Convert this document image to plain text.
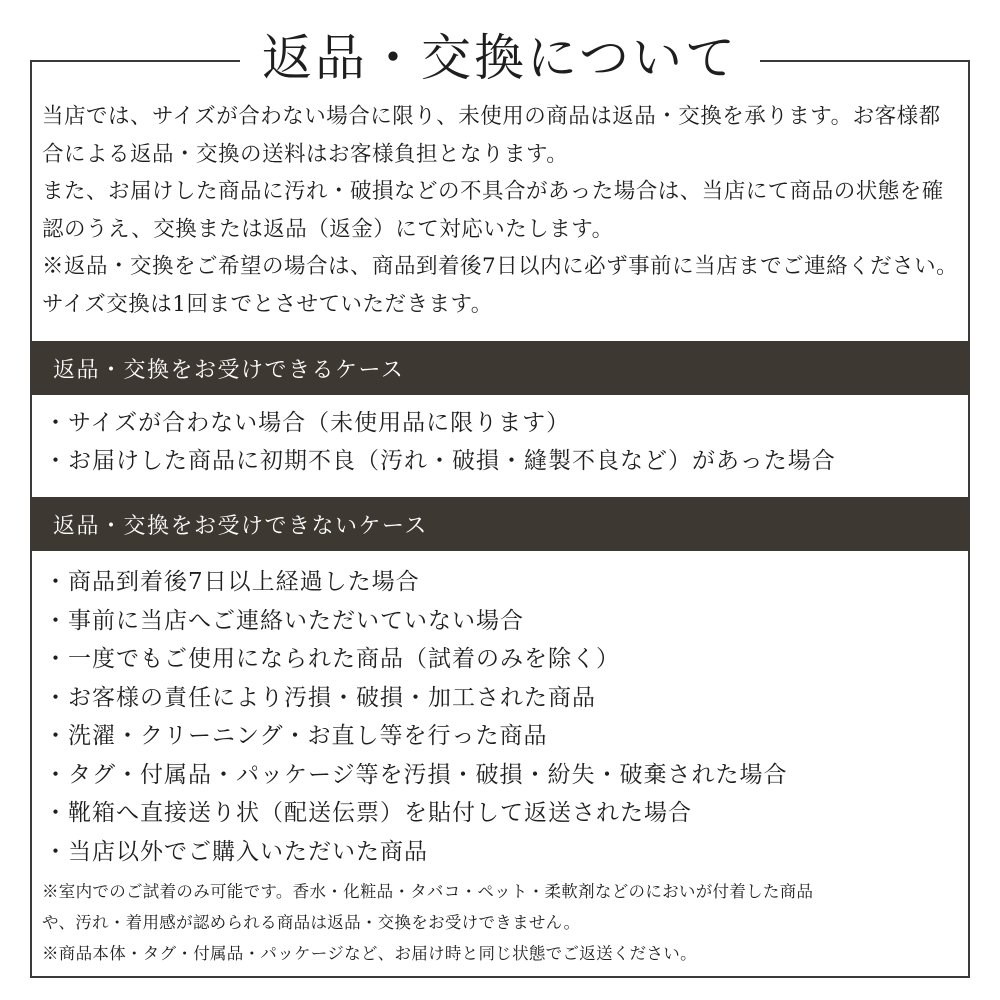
返品・交換について

当店では、サイズが合わない場合に限り、未使用の商品は返品・交換を承ります。お客様都合による返品・交換の送料はお客様負担となります。

また、お届けした商品に汚れ・破損などの不具合があった場合は、当店にて商品の状態を確認のうえ、交換または返品（返金）にて対応いたします。

※返品・交換をご希望の場合は、商品到着後7日以内に必ず事前に当店までご連絡ください。サイズ交換は1回までとさせていただきます。

返品・交換をお受けできるケース
・サイズが合わない場合（未使用品に限ります）
・お届けした商品に初期不良（汚れ・破損・縫製不良など）があった場合
返品・交換をお受けできないケース
・商品到着後7日以上経過した場合
・事前に当店へご連絡いただいていない場合
・一度でもご使用になられた商品（試着のみを除く）
・お客様の責任により汚損・破損・加工された商品
・洗濯・クリーニング・お直し等を行った商品
・タグ・付属品・パッケージ等を汚損・破損・紛失・破棄された場合
・靴箱へ直接送り状（配送伝票）を貼付して返送された場合
・当店以外でご購入いただいた商品

※室内でのご試着のみ可能です。香水・化粧品・タバコ・ペット・柔軟剤などのにおいが付着した商品

や、汚れ・着用感が認められる商品は返品・交換をお受けできません。

※商品本体・タグ・付属品・パッケージなど、お届け時と同じ状態でご返送ください。
